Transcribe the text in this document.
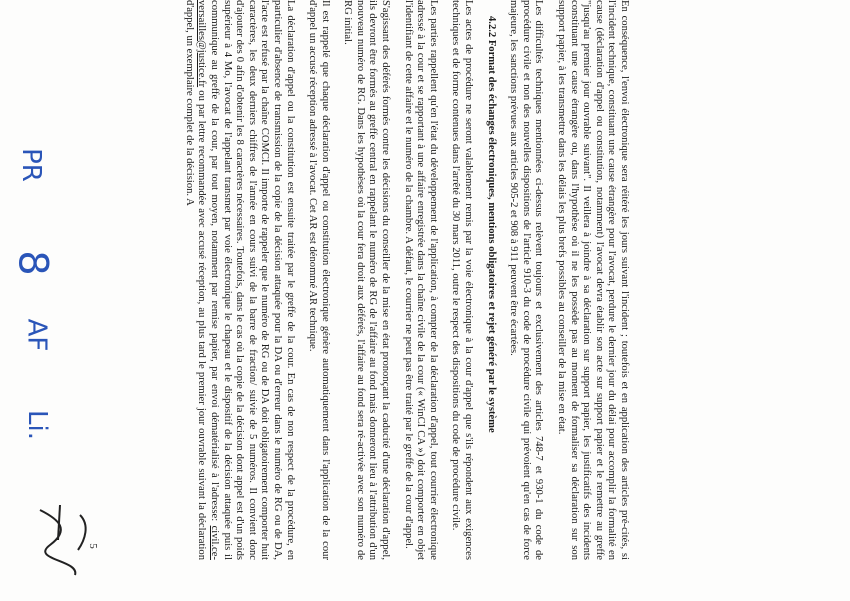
En conséquence, l'envoi électronique sera réitéré les jours suivant l'incident ; toutefois et en application des articles pré-cités, si l'incident technique, constituant une cause étrangère pour l'avocat, perdure le dernier jour du délai pour accomplir la formalité en cause (déclaration d'appel ou constitution, notamment) l'avocat devra établir son acte sur support papier et le remettre au greffe "jusqu'au premier jour ouvrable suivant". Il veillera à joindre à sa déclaration sur support papier, les justificatifs des incidents constituant une cause étrangère ou, dans l'hypothèse où il ne les possède pas au moment de formaliser sa déclaration sur son support papier, à les transmettre dans les délais les plus brefs possibles au conseiller de la mise en état.

Les difficultés techniques mentionnées ci-dessus relèvent toujours et exclusivement des articles 748-7 et 930-1 du code de procédure civile et non des nouvelles dispositions de l'article 910-3 du code de procédure civile qui prévoient qu'en cas de force majeure, les sanctions prévues aux articles 905-2 et 908 à 911 peuvent être écartées.

4.2.2 Format des échanges électroniques, mentions obligatoires et rejet généré par le système

Les actes de procédure ne seront valablement remis par la voie électronique à la cour d'appel que s'ils répondent aux exigences techniques et de forme contenues dans l'arrêté du 30 mars 2011, outre le respect des dispositions du code de procédure civile.

Les parties rappellent qu'en l'état du développement de l'application, à compter de la déclaration d'appel, tout courrier électronique adressé à la cour et se rapportant à une affaire enregistrée dans la chaîne civile de la cour (« WinCI CA ») doit comporter en objet l'identifiant de cette affaire et le numéro de la chambre. A défaut, le courrier ne peut pas être traité par le greffe de la cour d'appel.

S'agissant des déférés formés contre les décisions du conseiller de la mise en état prononçant la caducité d'une déclaration d'appel, ils devront être formés au greffe central en rappelant le numéro de RG de l'affaire au fond mais donneront lieu à l'attribution d'un nouveau numéro de RG. Dans les hypothèses où la cour fera droit aux déférés, l'affaire au fond sera ré-activée avec son numéro de RG initial.

Il est rappelé que chaque déclaration d'appel ou constitution électronique génère automatiquement dans l'application de la cour d'appel un accusé réception adressé à l'avocat. Cet AR est dénommé AR technique.

La déclaration d'appel ou la constitution est ensuite traitée par le greffe de la cour. En cas de non respect de la procédure, en particulier d'absence de transmission de la copie de la décision attaquée pour la DA ou d'erreur dans le numéro de RG ou de DA, l'acte est refusé par la chaîne COMCI. Il importe de rappeler que le numéro de RG ou de DA doit obligatoirement comporter huit caractères, les deux derniers chiffres de l'année en cours suivi de la barre de fraction/ suivie de 5 numéros. Il convient donc d'ajouter des 0 afin d'obtenir les 8 caractères nécessaires. Toutefois, dans le cas où la copie de la décision dont appel est d'un poids supérieur à 4 Mo, l'avocat de l'appelant transmet par voie électronique le chapeau et le dispositif de la décision attaquée puis il communique au greffe de la cour, par tout moyen, notamment par remise papier, par envoi dématérialisé à l'adresse: civil.ce-versailles@justice.fr ou par lettre recommandée avec accusé réception, au plus tard le premier jour ouvrable suivant la déclaration d'appel, un exemplaire complet de la décision. A

PR
8
AF
Li.
5
